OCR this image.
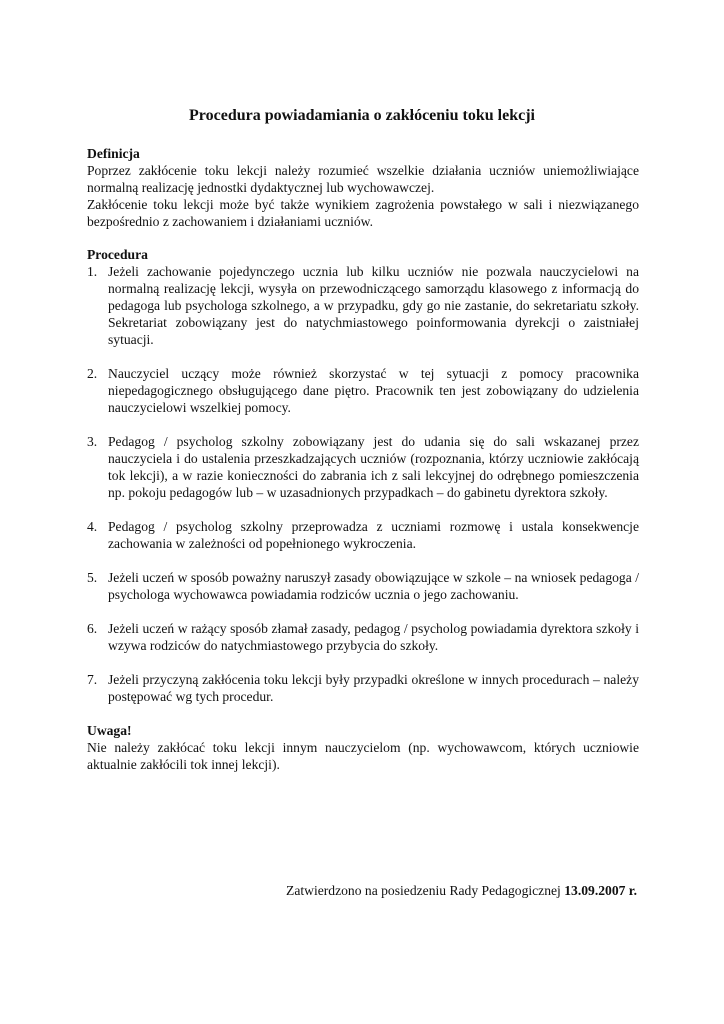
Procedura powiadamiania o zakłóceniu toku lekcji
Definicja

Poprzez zakłócenie toku lekcji należy rozumieć wszelkie działania uczniów uniemożliwiające normalną realizację jednostki dydaktycznej lub wychowawczej.

Zakłócenie toku lekcji może być także wynikiem zagrożenia powstałego w sali i niezwiązanego bezpośrednio z zachowaniem i działaniami uczniów.

Procedura
1. Jeżeli zachowanie pojedynczego ucznia lub kilku uczniów nie pozwala nauczycielowi na normalną realizację lekcji, wysyła on przewodniczącego samorządu klasowego z informacją do pedagoga lub psychologa szkolnego, a w przypadku, gdy go nie zastanie, do sekretariatu szkoły. Sekretariat zobowiązany jest do natychmiastowego poinformowania dyrekcji o zaistniałej sytuacji.
2. Nauczyciel uczący może również skorzystać w tej sytuacji z pomocy pracownika niepedagogicznego obsługującego dane piętro. Pracownik ten jest zobowiązany do udzielenia nauczycielowi wszelkiej pomocy.
3. Pedagog / psycholog szkolny zobowiązany jest do udania się do sali wskazanej przez nauczyciela i do ustalenia przeszkadzających uczniów (rozpoznania, którzy uczniowie zakłócają tok lekcji), a w razie konieczności do zabrania ich z sali lekcyjnej do odrębnego pomieszczenia np. pokoju pedagogów lub – w uzasadnionych przypadkach – do gabinetu dyrektora szkoły.
4. Pedagog / psycholog szkolny przeprowadza z uczniami rozmowę i ustala konsekwencje zachowania w zależności od popełnionego wykroczenia.
5. Jeżeli uczeń w sposób poważny naruszył zasady obowiązujące w szkole – na wniosek pedagoga / psychologa wychowawca powiadamia rodziców ucznia o jego zachowaniu.
6. Jeżeli uczeń w rażący sposób złamał zasady, pedagog / psycholog powiadamia dyrektora szkoły i wzywa rodziców do natychmiastowego przybycia do szkoły.
7. Jeżeli przyczyną zakłócenia toku lekcji były przypadki określone w innych procedurach – należy postępować wg tych procedur.
Uwaga!

Nie należy zakłócać toku lekcji innym nauczycielom (np. wychowawcom, których uczniowie aktualnie zakłócili tok innej lekcji).

Zatwierdzono na posiedzeniu Rady Pedagogicznej 13.09.2007 r.
